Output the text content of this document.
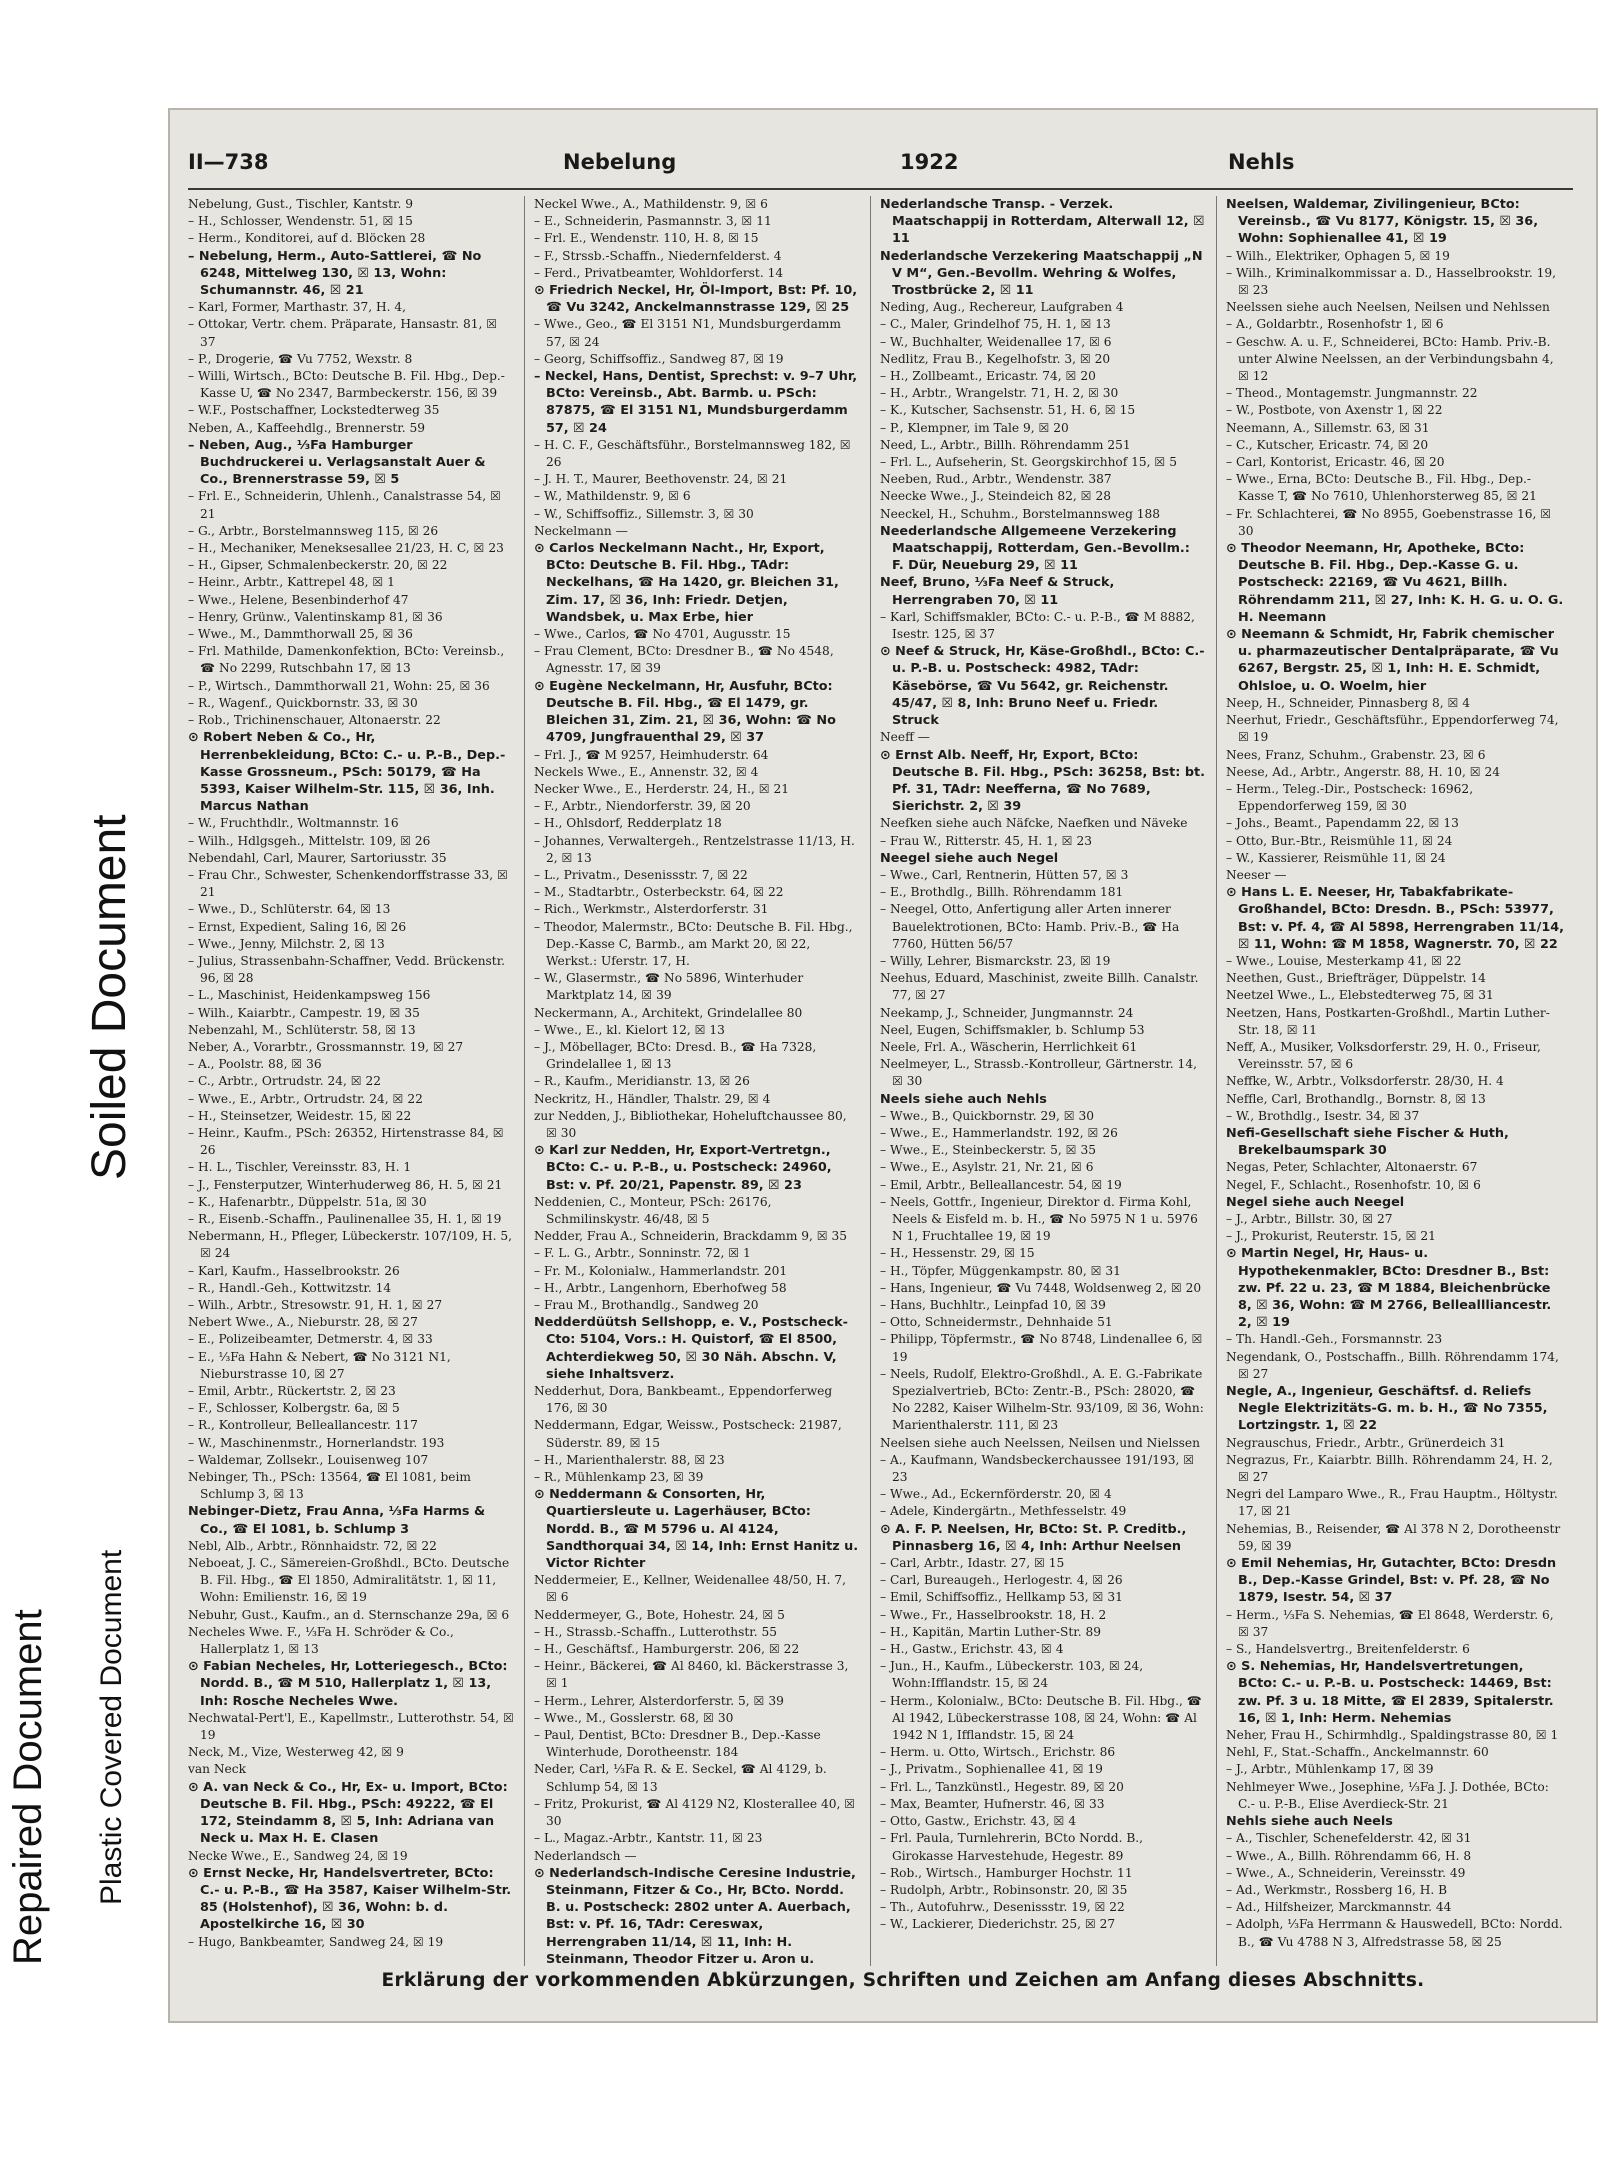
Soiled Document
Repaired Document Plastic Covered Document
II—738	Nebelung	1922	Nehls
Nebelung, Gust., Tischler, Kantstr. 9
– H., Schlosser, Wendenstr. 51, ☒ 15
– Herm., Konditorei, auf d. Blöcken 28
– Nebelung, Herm., Auto-Sattlerei, ☎ No 6248, Mittelweg 130, ☒ 13, Wohn: Schumannstr. 46, ☒ 21
– Karl, Former, Marthastr. 37, H. 4,
– Ottokar, Vertr. chem. Präparate, Hansastr. 81, ☒ 37
– P., Drogerie, ☎ Vu 7752, Wexstr. 8
– Willi, Wirtsch., BCto: Deutsche B. Fil. Hbg., Dep.-Kasse U, ☎ No 2347, Barmbeckerstr. 156, ☒ 39
– W.F., Postschaffner, Lockstedterweg 35
Neben, A., Kaffeehdlg., Brennerstr. 59
– Neben, Aug., ⅓Fa Hamburger Buchdruckerei u. Verlagsanstalt Auer & Co., Brennerstrasse 59, ☒ 5
– Frl. E., Schneiderin, Uhlenh., Canalstrasse 54, ☒ 21
– G., Arbtr., Borstelmannsweg 115, ☒ 26
– H., Mechaniker, Meneksesallee 21/23, H. C, ☒ 23
– H., Gipser, Schmalenbeckerstr. 20, ☒ 22
– Heinr., Arbtr., Kattrepel 48, ☒ 1
– Wwe., Helene, Besenbinderhof 47
– Henry, Grünw., Valentinskamp 81, ☒ 36
– Wwe., M., Dammthorwall 25, ☒ 36
– Frl. Mathilde, Damenkonfektion, BCto: Vereinsb., ☎ No 2299, Rutschbahn 17, ☒ 13
– P., Wirtsch., Dammthorwall 21, Wohn: 25, ☒ 36
– R., Wagenf., Quickbornstr. 33, ☒ 30
– Rob., Trichinenschauer, Altonaerstr. 22
⊙ Robert Neben & Co., Hr, Herrenbekleidung, BCto: C.- u. P.-B., Dep.-Kasse Grossneum., PSch: 50179, ☎ Ha 5393, Kaiser Wilhelm-Str. 115, ☒ 36, Inh. Marcus Nathan
– W., Fruchthdlr., Woltmannstr. 16
– Wilh., Hdlgsgeh., Mittelstr. 109, ☒ 26
Nebendahl, Carl, Maurer, Sartoriusstr. 35
– Frau Chr., Schwester, Schenkendorffstrasse 33, ☒ 21
– Wwe., D., Schlüterstr. 64, ☒ 13
– Ernst, Expedient, Saling 16, ☒ 26
– Wwe., Jenny, Milchstr. 2, ☒ 13
– Julius, Strassenbahn-Schaffner, Vedd. Brückenstr. 96, ☒ 28
– L., Maschinist, Heidenkampsweg 156
– Wilh., Kaiarbtr., Campestr. 19, ☒ 35
Nebenzahl, M., Schlüterstr. 58, ☒ 13
Neber, A., Vorarbtr., Grossmannstr. 19, ☒ 27
– A., Poolstr. 88, ☒ 36
– C., Arbtr., Ortrudstr. 24, ☒ 22
– Wwe., E., Arbtr., Ortrudstr. 24, ☒ 22
– H., Steinsetzer, Weidestr. 15, ☒ 22
– Heinr., Kaufm., PSch: 26352, Hirtenstrasse 84, ☒ 26
– H. L., Tischler, Vereinsstr. 83, H. 1
– J., Fensterputzer, Winterhuderweg 86, H. 5, ☒ 21
– K., Hafenarbtr., Düppelstr. 51a, ☒ 30
– R., Eisenb.-Schaffn., Paulinenallee 35, H. 1, ☒ 19
Nebermann, H., Pfleger, Lübeckerstr. 107/109, H. 5, ☒ 24
– Karl, Kaufm., Hasselbrookstr. 26
– R., Handl.-Geh., Kottwitzstr. 14
– Wilh., Arbtr., Stresowstr. 91, H. 1, ☒ 27
Nebert Wwe., A., Nieburstr. 28, ☒ 27
– E., Polizeibeamter, Detmerstr. 4, ☒ 33
– E., ⅓Fa Hahn & Nebert, ☎ No 3121 N1, Nieburstrasse 10, ☒ 27
– Emil, Arbtr., Rückertstr. 2, ☒ 23
– F., Schlosser, Kolbergstr. 6a, ☒ 5
– R., Kontrolleur, Belleallancestr. 117
– W., Maschinenmstr., Hornerlandstr. 193
– Waldemar, Zollsekr., Louisenweg 107
Nebinger, Th., PSch: 13564, ☎ El 1081, beim Schlump 3, ☒ 13
Nebinger-Dietz, Frau Anna, ⅓Fa Harms & Co., ☎ El 1081, b. Schlump 3
Nebl, Alb., Arbtr., Rönnhaidstr. 72, ☒ 22
Neboeat, J. C., Sämereien-Großhdl., BCto. Deutsche B. Fil. Hbg., ☎ El 1850, Admiralitätstr. 1, ☒ 11, Wohn: Emilienstr. 16, ☒ 19
Nebuhr, Gust., Kaufm., an d. Sternschanze 29a, ☒ 6
Necheles Wwe. F., ⅓Fa H. Schröder & Co., Hallerplatz 1, ☒ 13
⊙ Fabian Necheles, Hr, Lotteriegesch., BCto: Nordd. B., ☎ M 510, Hallerplatz 1, ☒ 13, Inh: Rosche Necheles Wwe.
Nechwatal-Pert'l, E., Kapellmstr., Lutterothstr. 54, ☒ 19
Neck, M., Vize, Westerweg 42, ☒ 9
van Neck
⊙ A. van Neck & Co., Hr, Ex- u. Import, BCto: Deutsche B. Fil. Hbg., PSch: 49222, ☎ El 172, Steindamm 8, ☒ 5, Inh: Adriana van Neck u. Max H. E. Clasen
Necke Wwe., E., Sandweg 24, ☒ 19
⊙ Ernst Necke, Hr, Handelsvertreter, BCto: C.- u. P.-B., ☎ Ha 3587, Kaiser Wilhelm-Str. 85 (Holstenhof), ☒ 36, Wohn: b. d. Apostelkirche 16, ☒ 30
– Hugo, Bankbeamter, Sandweg 24, ☒ 19
Neckel Wwe., A., Mathildenstr. 9, ☒ 6
– E., Schneiderin, Pasmannstr. 3, ☒ 11
– Frl. E., Wendenstr. 110, H. 8, ☒ 15
– F., Strssb.-Schaffn., Niedernfelderst. 4
– Ferd., Privatbeamter, Wohldorferst. 14
⊙ Friedrich Neckel, Hr, Öl-Import, Bst: Pf. 10, ☎ Vu 3242, Anckelmannstrasse 129, ☒ 25
– Wwe., Geo., ☎ El 3151 N1, Mundsburgerdamm 57, ☒ 24
– Georg, Schiffsoffiz., Sandweg 87, ☒ 19
– Neckel, Hans, Dentist, Sprechst: v. 9–7 Uhr, BCto: Vereinsb., Abt. Barmb. u. PSch: 87875, ☎ El 3151 N1, Mundsburgerdamm 57, ☒ 24
– H. C. F., Geschäftsführ., Borstelmannsweg 182, ☒ 26
– J. H. T., Maurer, Beethovenstr. 24, ☒ 21
– W., Mathildenstr. 9, ☒ 6
– W., Schiffsoffiz., Sillemstr. 3, ☒ 30
Neckelmann —
⊙ Carlos Neckelmann Nacht., Hr, Export, BCto: Deutsche B. Fil. Hbg., TAdr: Neckelhans, ☎ Ha 1420, gr. Bleichen 31, Zim. 17, ☒ 36, Inh: Friedr. Detjen, Wandsbek, u. Max Erbe, hier
– Wwe., Carlos, ☎ No 4701, Augusstr. 15
– Frau Clement, BCto: Dresdner B., ☎ No 4548, Agnesstr. 17, ☒ 39
⊙ Eugène Neckelmann, Hr, Ausfuhr, BCto: Deutsche B. Fil. Hbg., ☎ El 1479, gr. Bleichen 31, Zim. 21, ☒ 36, Wohn: ☎ No 4709, Jungfrauenthal 29, ☒ 37
– Frl. J., ☎ M 9257, Heimhuderstr. 64
Neckels Wwe., E., Annenstr. 32, ☒ 4
Necker Wwe., E., Herderstr. 24, H., ☒ 21
– F., Arbtr., Niendorferstr. 39, ☒ 20
– H., Ohlsdorf, Redderplatz 18
– Johannes, Verwaltergeh., Rentzelstrasse 11/13, H. 2, ☒ 13
– L., Privatm., Desenissstr. 7, ☒ 22
– M., Stadtarbtr., Osterbeckstr. 64, ☒ 22
– Rich., Werkmstr., Alsterdorferstr. 31
– Theodor, Malermstr., BCto: Deutsche B. Fil. Hbg., Dep.-Kasse C, Barmb., am Markt 20, ☒ 22, Werkst.: Uferstr. 17, H.
– W., Glasermstr., ☎ No 5896, Winterhuder Marktplatz 14, ☒ 39
Neckermann, A., Architekt, Grindelallee 80
– Wwe., E., kl. Kielort 12, ☒ 13
– J., Möbellager, BCto: Dresd. B., ☎ Ha 7328, Grindelallee 1, ☒ 13
– R., Kaufm., Meridianstr. 13, ☒ 26
Neckritz, H., Händler, Thalstr. 29, ☒ 4
zur Nedden, J., Bibliothekar, Hoheluftchaussee 80, ☒ 30
⊙ Karl zur Nedden, Hr, Export-Vertretgn., BCto: C.- u. P.-B., u. Postscheck: 24960, Bst: v. Pf. 20/21, Papenstr. 89, ☒ 23
Neddenien, C., Monteur, PSch: 26176, Schmilinskystr. 46/48, ☒ 5
Nedder, Frau A., Schneiderin, Brackdamm 9, ☒ 35
– F. L. G., Arbtr., Sonninstr. 72, ☒ 1
– Fr. M., Kolonialw., Hammerlandstr. 201
– H., Arbtr., Langenhorn, Eberhofweg 58
– Frau M., Brothandlg., Sandweg 20
Nedderdüütsh Sellshopp, e. V., Postscheck-Cto: 5104, Vors.: H. Quistorf, ☎ El 8500, Achterdiekweg 50, ☒ 30 Näh. Abschn. V, siehe Inhaltsverz.
Nedderhut, Dora, Bankbeamt., Eppendorferweg 176, ☒ 30
Neddermann, Edgar, Weissw., Postscheck: 21987, Süderstr. 89, ☒ 15
– H., Marienthalerstr. 88, ☒ 23
– R., Mühlenkamp 23, ☒ 39
⊙ Neddermann & Consorten, Hr, Quartiersleute u. Lagerhäuser, BCto: Nordd. B., ☎ M 5796 u. Al 4124, Sandthorquai 34, ☒ 14, Inh: Ernst Hanitz u. Victor Richter
Neddermeier, E., Kellner, Weidenallee 48/50, H. 7, ☒ 6
Neddermeyer, G., Bote, Hohestr. 24, ☒ 5
– H., Strassb.-Schaffn., Lutterothstr. 55
– H., Geschäftsf., Hamburgerstr. 206, ☒ 22
– Heinr., Bäckerei, ☎ Al 8460, kl. Bäckerstrasse 3, ☒ 1
– Herm., Lehrer, Alsterdorferstr. 5, ☒ 39
– Wwe., M., Gosslerstr. 68, ☒ 30
– Paul, Dentist, BCto: Dresdner B., Dep.-Kasse Winterhude, Dorotheenstr. 184
Neder, Carl, ⅓Fa R. & E. Seckel, ☎ Al 4129, b. Schlump 54, ☒ 13
– Fritz, Prokurist, ☎ Al 4129 N2, Klosterallee 40, ☒ 30
– L., Magaz.-Arbtr., Kantstr. 11, ☒ 23
Nederlandsch —
⊙ Nederlandsch-Indische Ceresine Industrie, Steinmann, Fitzer & Co., Hr, BCto. Nordd. B. u. Postscheck: 2802 unter A. Auerbach, Bst: v. Pf. 16, TAdr: Cereswax, Herrengraben 11/14, ☒ 11, Inh: H. Steinmann, Theodor Fitzer u. Aron u.
Nederlandsche Transp. - Verzek. Maatschappij in Rotterdam, Alterwall 12, ☒ 11
Nederlandsche Verzekering Maatschappij „N V M“, Gen.-Bevollm. Wehring & Wolfes, Trostbrücke 2, ☒ 11
Neding, Aug., Rechereur, Laufgraben 4
– C., Maler, Grindelhof 75, H. 1, ☒ 13
– W., Buchhalter, Weidenallee 17, ☒ 6
Nedlitz, Frau B., Kegelhofstr. 3, ☒ 20
– H., Zollbeamt., Ericastr. 74, ☒ 20
– H., Arbtr., Wrangelstr. 71, H. 2, ☒ 30
– K., Kutscher, Sachsenstr. 51, H. 6, ☒ 15
– P., Klempner, im Tale 9, ☒ 20
Need, L., Arbtr., Billh. Röhrendamm 251
– Frl. L., Aufseherin, St. Georgskirchhof 15, ☒ 5
Neeben, Rud., Arbtr., Wendenstr. 387
Neecke Wwe., J., Steindeich 82, ☒ 28
Neeckel, H., Schuhm., Borstelmannsweg 188
Neederlandsche Allgemeene Verzekering Maatschappij, Rotterdam, Gen.-Bevollm.: F. Dür, Neueburg 29, ☒ 11
Neef, Bruno, ⅓Fa Neef & Struck, Herrengraben 70, ☒ 11
– Karl, Schiffsmakler, BCto: C.- u. P.-B., ☎ M 8882, Isestr. 125, ☒ 37
⊙ Neef & Struck, Hr, Käse-Großhdl., BCto: C.- u. P.-B. u. Postscheck: 4982, TAdr: Käsebörse, ☎ Vu 5642, gr. Reichenstr. 45/47, ☒ 8, Inh: Bruno Neef u. Friedr. Struck
Neeff —
⊙ Ernst Alb. Neeff, Hr, Export, BCto: Deutsche B. Fil. Hbg., PSch: 36258, Bst: bt. Pf. 31, TAdr: Neefferna, ☎ No 7689, Sierichstr. 2, ☒ 39
Neefken siehe auch Näfcke, Naefken und Näveke
– Frau W., Ritterstr. 45, H. 1, ☒ 23
Neegel siehe auch Negel
– Wwe., Carl, Rentnerin, Hütten 57, ☒ 3
– E., Brothdlg., Billh. Röhrendamm 181
– Neegel, Otto, Anfertigung aller Arten innerer Bauelektrotionen, BCto: Hamb. Priv.-B., ☎ Ha 7760, Hütten 56/57
– Willy, Lehrer, Bismarckstr. 23, ☒ 19
Neehus, Eduard, Maschinist, zweite Billh. Canalstr. 77, ☒ 27
Neekamp, J., Schneider, Jungmannstr. 24
Neel, Eugen, Schiffsmakler, b. Schlump 53
Neele, Frl. A., Wäscherin, Herrlichkeit 61
Neelmeyer, L., Strassb.-Kontrolleur, Gärtnerstr. 14, ☒ 30
Neels siehe auch Nehls
– Wwe., B., Quickbornstr. 29, ☒ 30
– Wwe., E., Hammerlandstr. 192, ☒ 26
– Wwe., E., Steinbeckerstr. 5, ☒ 35
– Wwe., E., Asylstr. 21, Nr. 21, ☒ 6
– Emil, Arbtr., Belleallancestr. 54, ☒ 19
– Neels, Gottfr., Ingenieur, Direktor d. Firma Kohl, Neels & Eisfeld m. b. H., ☎ No 5975 N 1 u. 5976 N 1, Fruchtallee 19, ☒ 19
– H., Hessenstr. 29, ☒ 15
– H., Töpfer, Müggenkampstr. 80, ☒ 31
– Hans, Ingenieur, ☎ Vu 7448, Woldsenweg 2, ☒ 20
– Hans, Buchhltr., Leinpfad 10, ☒ 39
– Otto, Schneidermstr., Dehnhaide 51
– Philipp, Töpfermstr., ☎ No 8748, Lindenallee 6, ☒ 19
– Neels, Rudolf, Elektro-Großhdl., A. E. G.-Fabrikate Spezialvertrieb, BCto: Zentr.-B., PSch: 28020, ☎ No 2282, Kaiser Wilhelm-Str. 93/109, ☒ 36, Wohn: Marienthalerstr. 111, ☒ 23
Neelsen siehe auch Neelssen, Neilsen und Nielssen
– A., Kaufmann, Wandsbeckerchaussee 191/193, ☒ 23
– Wwe., Ad., Eckernförderstr. 20, ☒ 4
– Adele, Kindergärtn., Methfesselstr. 49
⊙ A. F. P. Neelsen, Hr, BCto: St. P. Creditb., Pinnasberg 16, ☒ 4, Inh: Arthur Neelsen
– Carl, Arbtr., Idastr. 27, ☒ 15
– Carl, Bureaugeh., Herlogestr. 4, ☒ 26
– Emil, Schiffsoffiz., Hellkamp 53, ☒ 31
– Wwe., Fr., Hasselbrookstr. 18, H. 2
– H., Kapitän, Martin Luther-Str. 89
– H., Gastw., Erichstr. 43, ☒ 4
– Jun., H., Kaufm., Lübeckerstr. 103, ☒ 24, Wohn:Ifflandstr. 15, ☒ 24
– Herm., Kolonialw., BCto: Deutsche B. Fil. Hbg., ☎ Al 1942, Lübeckerstrasse 108, ☒ 24, Wohn: ☎ Al 1942 N 1, Ifflandstr. 15, ☒ 24
– Herm. u. Otto, Wirtsch., Erichstr. 86
– J., Privatm., Sophienallee 41, ☒ 19
– Frl. L., Tanzkünstl., Hegestr. 89, ☒ 20
– Max, Beamter, Hufnerstr. 46, ☒ 33
– Otto, Gastw., Erichstr. 43, ☒ 4
– Frl. Paula, Turnlehrerin, BCto Nordd. B., Girokasse Harvestehude, Hegestr. 89
– Rob., Wirtsch., Hamburger Hochstr. 11
– Rudolph, Arbtr., Robinsonstr. 20, ☒ 35
– Th., Autofuhrw., Desenissstr. 19, ☒ 22
– W., Lackierer, Diederichstr. 25, ☒ 27
Neelsen, Waldemar, Zivilingenieur, BCto: Vereinsb., ☎ Vu 8177, Königstr. 15, ☒ 36, Wohn: Sophienallee 41, ☒ 19
– Wilh., Elektriker, Ophagen 5, ☒ 19
– Wilh., Kriminalkommissar a. D., Hasselbrookstr. 19, ☒ 23
Neelssen siehe auch Neelsen, Neilsen und Nehlssen
– A., Goldarbtr., Rosenhofstr 1, ☒ 6
– Geschw. A. u. F., Schneiderei, BCto: Hamb. Priv.-B. unter Alwine Neelssen, an der Verbindungsbahn 4, ☒ 12
– Theod., Montagemstr. Jungmannstr. 22
– W., Postbote, von Axenstr 1, ☒ 22
Neemann, A., Sillemstr. 63, ☒ 31
– C., Kutscher, Ericastr. 74, ☒ 20
– Carl, Kontorist, Ericastr. 46, ☒ 20
– Wwe., Erna, BCto: Deutsche B., Fil. Hbg., Dep.-Kasse T, ☎ No 7610, Uhlenhorsterweg 85, ☒ 21
– Fr. Schlachterei, ☎ No 8955, Goebenstrasse 16, ☒ 30
⊙ Theodor Neemann, Hr, Apotheke, BCto: Deutsche B. Fil. Hbg., Dep.-Kasse G. u. Postscheck: 22169, ☎ Vu 4621, Billh. Röhrendamm 211, ☒ 27, Inh: K. H. G. u. O. G. H. Neemann
⊙ Neemann & Schmidt, Hr, Fabrik chemischer u. pharmazeutischer Dentalpräparate, ☎ Vu 6267, Bergstr. 25, ☒ 1, Inh: H. E. Schmidt, Ohlsloe, u. O. Woelm, hier
Neep, H., Schneider, Pinnasberg 8, ☒ 4
Neerhut, Friedr., Geschäftsführ., Eppendorferweg 74, ☒ 19
Nees, Franz, Schuhm., Grabenstr. 23, ☒ 6
Neese, Ad., Arbtr., Angerstr. 88, H. 10, ☒ 24
– Herm., Teleg.-Dir., Postscheck: 16962, Eppendorferweg 159, ☒ 30
– Johs., Beamt., Papendamm 22, ☒ 13
– Otto, Bur.-Btr., Reismühle 11, ☒ 24
– W., Kassierer, Reismühle 11, ☒ 24
Neeser —
⊙ Hans L. E. Neeser, Hr, Tabakfabrikate-Großhandel, BCto: Dresdn. B., PSch: 53977, Bst: v. Pf. 4, ☎ Al 5898, Herrengraben 11/14, ☒ 11, Wohn: ☎ M 1858, Wagnerstr. 70, ☒ 22
– Wwe., Louise, Mesterkamp 41, ☒ 22
Neethen, Gust., Briefträger, Düppelstr. 14
Neetzel Wwe., L., Elebstedterweg 75, ☒ 31
Neetzen, Hans, Postkarten-Großhdl., Martin Luther-Str. 18, ☒ 11
Neff, A., Musiker, Volksdorferstr. 29, H. 0., Friseur, Vereinsstr. 57, ☒ 6
Neffke, W., Arbtr., Volksdorferstr. 28/30, H. 4
Neffle, Carl, Brothandlg., Bornstr. 8, ☒ 13
– W., Brothdlg., Isestr. 34, ☒ 37
Nefi-Gesellschaft siehe Fischer & Huth, Brekelbaumspark 30
Negas, Peter, Schlachter, Altonaerstr. 67
Negel, F., Schlacht., Rosenhofstr. 10, ☒ 6
Negel siehe auch Neegel
– J., Arbtr., Billstr. 30, ☒ 27
– J., Prokurist, Reuterstr. 15, ☒ 21
⊙ Martin Negel, Hr, Haus- u. Hypothekenmakler, BCto: Dresdner B., Bst: zw. Pf. 22 u. 23, ☎ M 1884, Bleichenbrücke 8, ☒ 36, Wohn: ☎ M 2766, Belleallliancestr. 2, ☒ 19
– Th. Handl.-Geh., Forsmannstr. 23
Negendank, O., Postschaffn., Billh. Röhrendamm 174, ☒ 27
Negle, A., Ingenieur, Geschäftsf. d. Reliefs Negle Elektrizitäts-G. m. b. H., ☎ No 7355, Lortzingstr. 1, ☒ 22
Negrauschus, Friedr., Arbtr., Grünerdeich 31
Negrazus, Fr., Kaiarbtr. Billh. Röhrendamm 24, H. 2, ☒ 27
Negri del Lamparo Wwe., R., Frau Hauptm., Höltystr. 17, ☒ 21
Nehemias, B., Reisender, ☎ Al 378 N 2, Dorotheenstr 59, ☒ 39
⊙ Emil Nehemias, Hr, Gutachter, BCto: Dresdn B., Dep.-Kasse Grindel, Bst: v. Pf. 28, ☎ No 1879, Isestr. 54, ☒ 37
– Herm., ⅓Fa S. Nehemias, ☎ El 8648, Werderstr. 6, ☒ 37
– S., Handelsvertrg., Breitenfelderstr. 6
⊙ S. Nehemias, Hr, Handelsvertretungen, BCto: C.- u. P.-B. u. Postscheck: 14469, Bst: zw. Pf. 3 u. 18 Mitte, ☎ El 2839, Spitalerstr. 16, ☒ 1, Inh: Herm. Nehemias
Neher, Frau H., Schirmhdlg., Spaldingstrasse 80, ☒ 1
Nehl, F., Stat.-Schaffn., Anckelmannstr. 60
– J., Arbtr., Mühlenkamp 17, ☒ 39
Nehlmeyer Wwe., Josephine, ⅓Fa J. J. Dothée, BCto: C.- u. P.-B., Elise Averdieck-Str. 21
Nehls siehe auch Neels
– A., Tischler, Schenefelderstr. 42, ☒ 31
– Wwe., A., Billh. Röhrendamm 66, H. 8
– Wwe., A., Schneiderin, Vereinsstr. 49
– Ad., Werkmstr., Rossberg 16, H. B
– Ad., Hilfsheizer, Marckmannstr. 44
– Adolph, ⅓Fa Herrmann & Hauswedell, BCto: Nordd. B., ☎ Vu 4788 N 3, Alfredstrasse 58, ☒ 25
Erklärung der vorkommenden Abkürzungen, Schriften und Zeichen am Anfang dieses Abschnitts.
